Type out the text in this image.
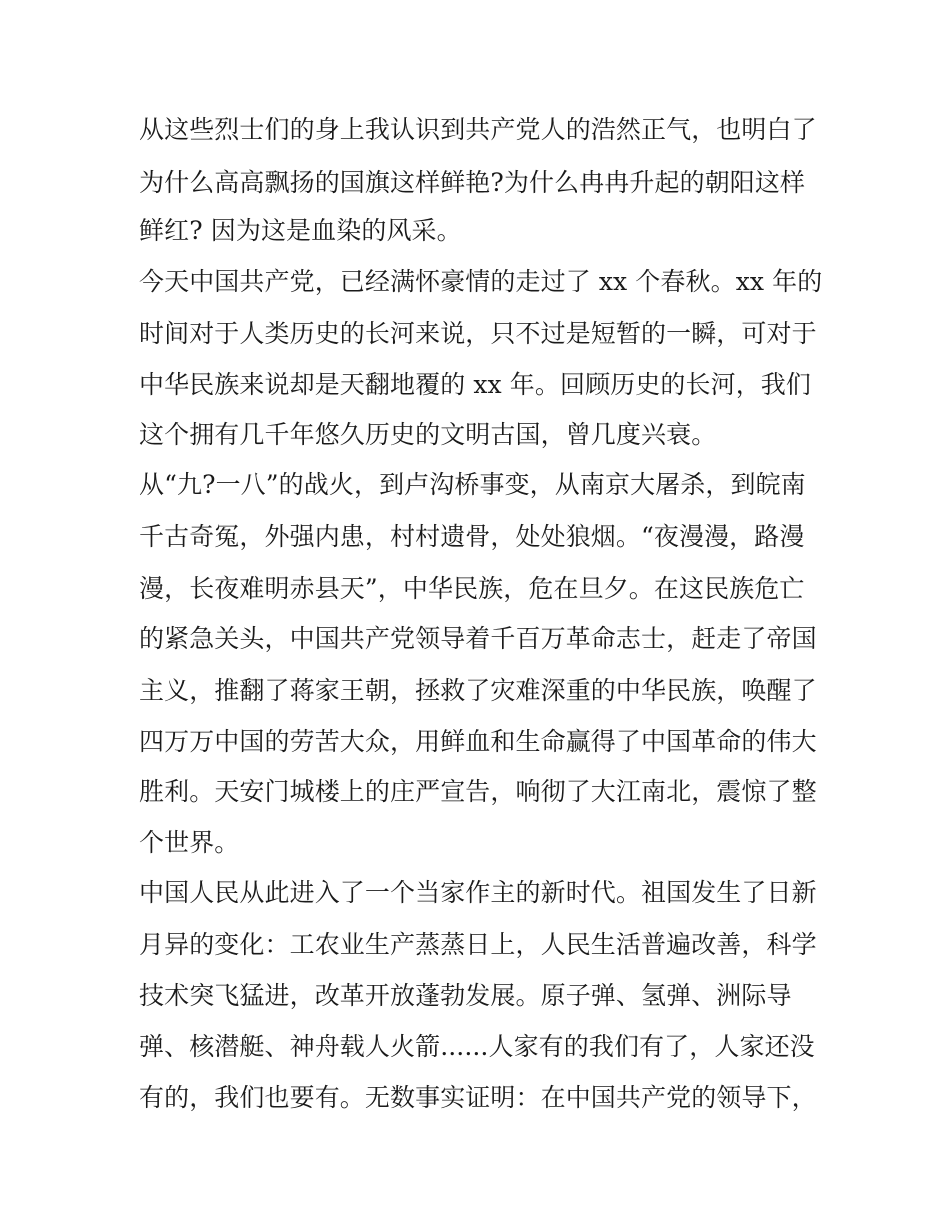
从这些烈士们的身上我认识到共产党人的浩然正气，也明白了
为什么高高飘扬的国旗这样鲜艳?为什么冉冉升起的朝阳这样
鲜红? 因为这是血染的风采。
今天中国共产党，已经满怀豪情的走过了 xx 个春秋。xx 年的
时间对于人类历史的长河来说，只不过是短暂的一瞬，可对于
中华民族来说却是天翻地覆的 xx 年。回顾历史的长河，我们
这个拥有几千年悠久历史的文明古国，曾几度兴衰。
从“九?一八”的战火，到卢沟桥事变，从南京大屠杀，到皖南
千古奇冤，外强内患，村村遗骨，处处狼烟。“夜漫漫，路漫
漫，长夜难明赤县天”，中华民族，危在旦夕。在这民族危亡
的紧急关头，中国共产党领导着千百万革命志士，赶走了帝国
主义，推翻了蒋家王朝，拯救了灾难深重的中华民族，唤醒了
四万万中国的劳苦大众，用鲜血和生命赢得了中国革命的伟大
胜利。天安门城楼上的庄严宣告，响彻了大江南北，震惊了整
个世界。
中国人民从此进入了一个当家作主的新时代。祖国发生了日新
月异的变化：工农业生产蒸蒸日上，人民生活普遍改善，科学
技术突飞猛进，改革开放蓬勃发展。原子弹、氢弹、洲际导
弹、核潜艇、神舟载人火箭......人家有的我们有了，人家还没
有的，我们也要有。无数事实证明：在中国共产党的领导下，
